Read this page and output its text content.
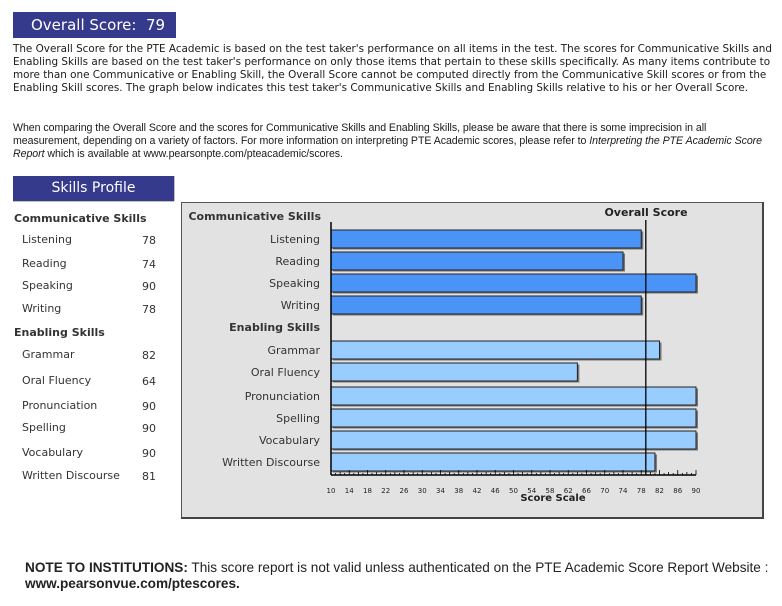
Overall Score: 79

The Overall Score for the PTE Academic is based on the test taker's performance on all items in the test. The scores for Communicative Skills and Enabling Skills are based on the test taker's performance on only those items that pertain to these skills specifically. As many items contribute to more than one Communicative or Enabling Skill, the Overall Score cannot be computed directly from the Communicative Skill scores or from the Enabling Skill scores. The graph below indicates this test taker's Communicative Skills and Enabling Skills relative to his or her Overall Score.

When comparing the Overall Score and the scores for Communicative Skills and Enabling Skills, please be aware that there is some imprecision in all measurement, depending on a variety of factors. For more information on interpreting PTE Academic scores, please refer to Interpreting the PTE Academic Score Report which is available at www.pearsonpte.com/pteacademic/scores.

Skills Profile
Communicative Skills
Listening	78
Reading	74
Speaking	90
Writing	78
Enabling Skills
Grammar	82
Oral Fluency	64
Pronunciation	90
Spelling	90
Vocabulary	90
Written Discourse 81
Communicative Skills
Listening
Reading
Speaking
Writing
Enabling Skills
Grammar
Oral Fluency
Pronunciation
Spelling
Vocabulary
Written Discourse
10 14 18 22 26 30 34 38 42 46 50 54 58 62 66 70 74 78 82 86 90
Score Scale
Overall Score
NOTE TO INSTITUTIONS: This score report is not valid unless authenticated on the PTE Academic Score Report Website : www.pearsonvue.com/ptescores.
